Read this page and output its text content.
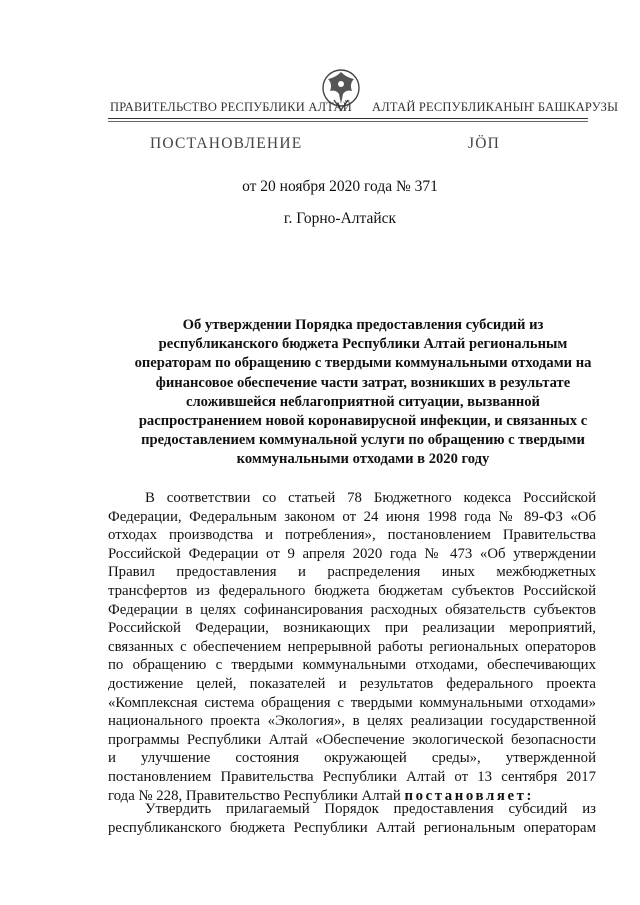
ПРАВИТЕЛЬСТВО РЕСПУБЛИКИ АЛТАЙ АЛТАЙ РЕСПУБЛИКАНЫҤ БАШКАРУЗЫ
ПОСТАНОВЛЕНИЕ	ЈӦП
от 20 ноября 2020 года № 371
г. Горно-Алтайск
Об утверждении Порядка предоставления субсидий из
республиканского бюджета Республики Алтай региональным
операторам по обращению с твердыми коммунальными отходами на
финансовое обеспечение части затрат, возникших в результате
сложившейся неблагоприятной ситуации, вызванной
распространением новой коронавирусной инфекции, и связанных с
предоставлением коммунальной услуги по обращению с твердыми
коммунальными отходами в 2020 году
В соответствии со статьей 78 Бюджетного кодекса Российской
Федерации, Федеральным законом от 24 июня 1998 года № 89-ФЗ «Об
отходах производства и потребления», постановлением Правительства
Российской Федерации от 9 апреля 2020 года № 473 «Об утверждении
Правил предоставления и распределения иных межбюджетных
трансфертов из федерального бюджета бюджетам субъектов Российской
Федерации в целях софинансирования расходных обязательств субъектов
Российской Федерации, возникающих при реализации мероприятий,
связанных с обеспечением непрерывной работы региональных операторов
по обращению с твердыми коммунальными отходами, обеспечивающих
достижение целей, показателей и результатов федерального проекта
«Комплексная система обращения с твердыми коммунальными отходами»
национального проекта «Экология», в целях реализации государственной
программы Республики Алтай «Обеспечение экологической безопасности
и улучшение состояния окружающей среды», утвержденной
постановлением Правительства Республики Алтай от 13 сентября 2017
года № 228, Правительство Республики Алтай постановляет:
Утвердить прилагаемый Порядок предоставления субсидий из
республиканского бюджета Республики Алтай региональным операторам
